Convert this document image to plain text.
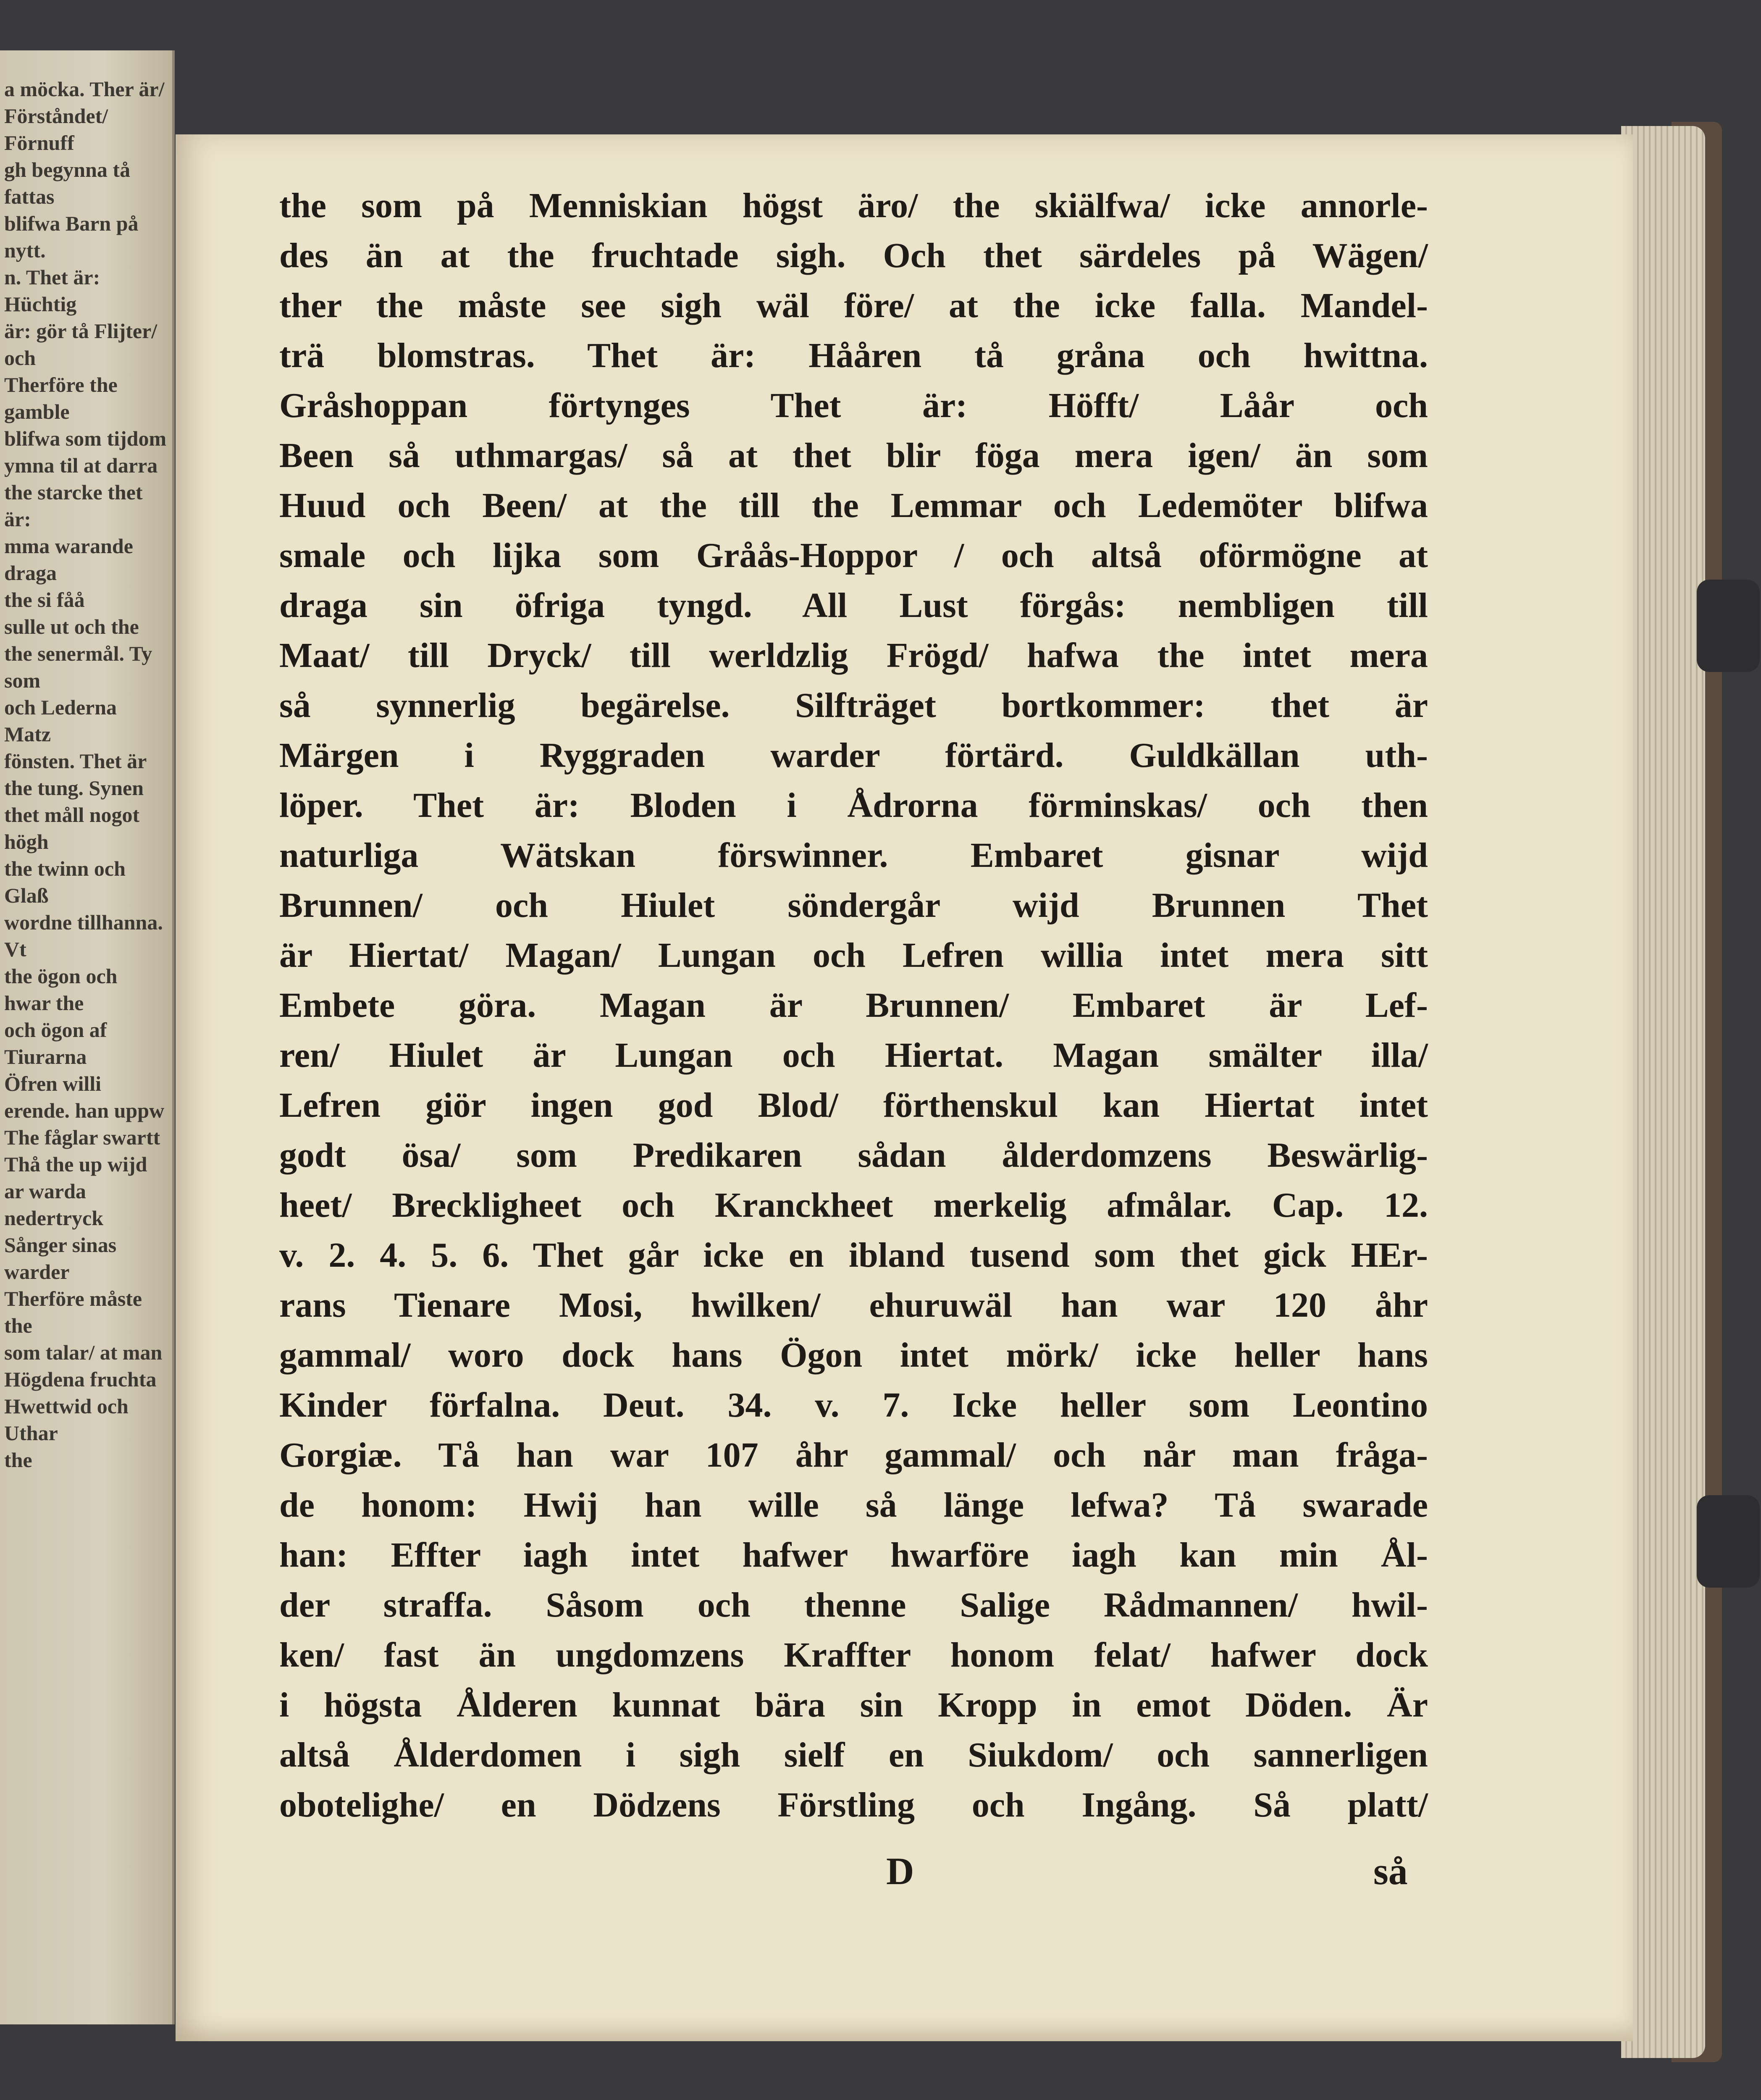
a möcka. Ther är/
Förståndet/ Förnuff
gh begynna tå fattas
blifwa Barn på nytt.
n. Thet är: Hüchtig
är: gör tå Flijter/ och
Therföre the gamble
blifwa som tijdom
ymna til at darra
the starcke thet är:
mma warande draga
the si fåå
sulle ut och the
the senermål. Ty som
och Lederna Matz
fönsten. Thet är
the tung. Synen
thet måll nogot högh
the twinn och Glaß
wordne tillhanna. Vt
the ögon och hwar the
och ögon af Tiurarna
Öfren willi
erende. han uppw
The fåglar swartt
Thå the up wijd
ar warda nedertryck
Sånger sinas warder
Therföre måste the
som talar/ at man
Högdena fruchta
Hwettwid och Uthar
the
the som på Menniskian högst äro/ the skiälfwa/ icke annorle-
des än at the fruchtade sigh. Och thet särdeles på Wägen/
ther the måste see sigh wäl före/ at the icke falla. Mandel-
trä blomstras. Thet är: Hååren tå gråna och hwittna.
Gråshoppan förtynges Thet är: Höfft/ Låår och
Been så uthmargas/ så at thet blir föga mera igen/ än som
Huud och Been/ at the till the Lemmar och Ledemöter blifwa
smale och lijka som Gråås-Hoppor / och altså oförmögne at
draga sin öfriga tyngd. All Lust förgås: nembligen till
Maat/ till Dryck/ till werldzlig Frögd/ hafwa the intet mera
så synnerlig begärelse. Silfträget bortkommer: thet är
Märgen i Ryggraden warder förtärd. Guldkällan uth-
löper. Thet är: Bloden i Ådrorna förminskas/ och then
naturliga Wätskan förswinner. Embaret gisnar wijd
Brunnen/ och Hiulet söndergår wijd Brunnen Thet
är Hiertat/ Magan/ Lungan och Lefren willia intet mera sitt
Embete göra. Magan är Brunnen/ Embaret är Lef-
ren/ Hiulet är Lungan och Hiertat. Magan smälter illa/
Lefren giör ingen god Blod/ förthenskul kan Hiertat intet
godt ösa/ som Predikaren sådan ålderdomzens Beswärlig-
heet/ Breckligheet och Kranckheet merkelig afmålar. Cap. 12.
v. 2. 4. 5. 6. Thet går icke en ibland tusend som thet gick HEr-
rans Tienare Mosi, hwilken/ ehuruwäl han war 120 åhr
gammal/ woro dock hans Ögon intet mörk/ icke heller hans
Kinder förfalna. Deut. 34. v. 7. Icke heller som Leontino
Gorgiæ. Tå han war 107 åhr gammal/ och når man fråga-
de honom: Hwij han wille så länge lefwa? Tå swarade
han: Effter iagh intet hafwer hwarföre iagh kan min Ål-
der straffa. Såsom och thenne Salige Rådmannen/ hwil-
ken/ fast än ungdomzens Kraffter honom felat/ hafwer dock
i högsta Ålderen kunnat bära sin Kropp in emot Döden. Är
altså Ålderdomen i sigh sielf en Siukdom/ och sannerligen
obotelighe/ en Dödzens Förstling och Ingång. Så platt/
D	så
